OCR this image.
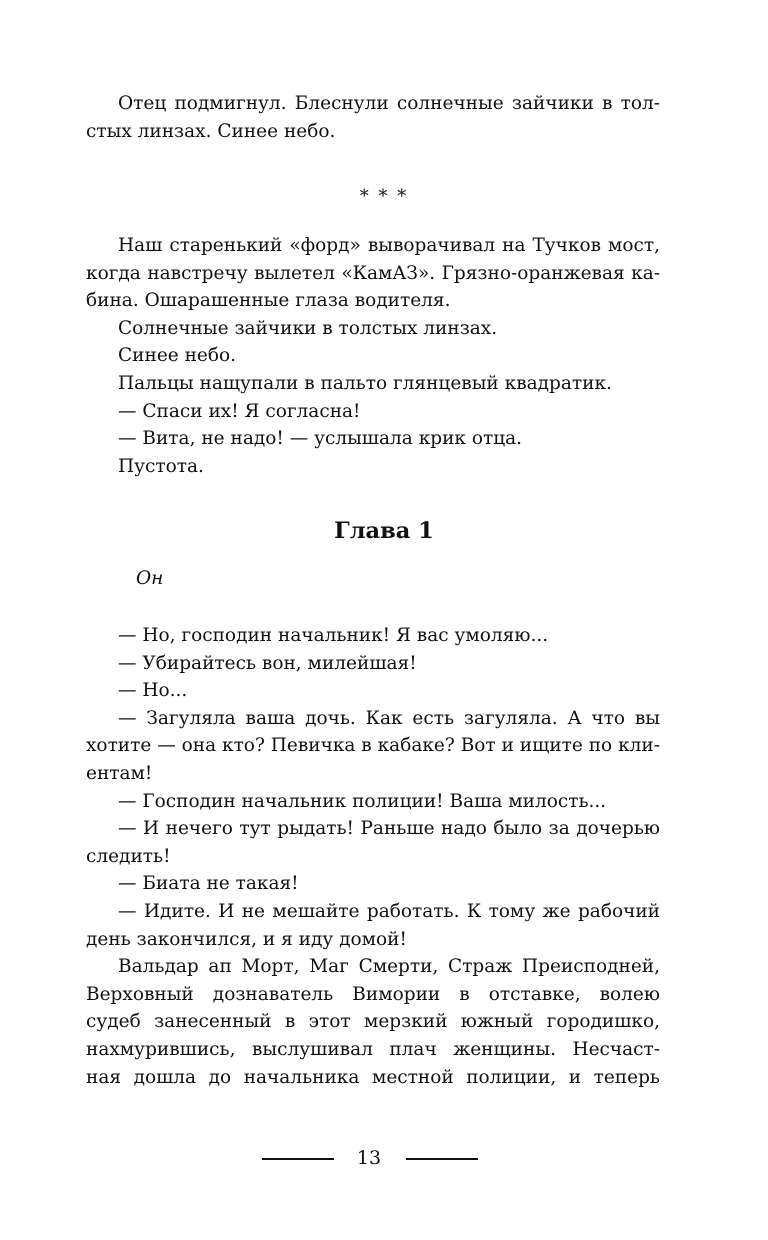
Отец подмигнул. Блеснули солнечные зайчики в тол-
стых линзах. Синее небо.
* * *
Наш старенький «форд» выворачивал на Тучков мост,
когда навстречу вылетел «КамАЗ». Грязно-оранжевая ка-
бина. Ошарашенные глаза водителя.
Солнечные зайчики в толстых линзах.
Синее небо.
Пальцы нащупали в пальто глянцевый квадратик.
— Спаси их! Я согласна!
— Вита, не надо! — услышала крик отца.
Пустота.
Глава 1
Он
— Но, господин начальник! Я вас умоляю...
— Убирайтесь вон, милейшая!
— Но...
— Загуляла ваша дочь. Как есть загуляла. А что вы
хотите — она кто? Певичка в кабаке? Вот и ищите по кли-
ентам!
— Господин начальник полиции! Ваша милость...
— И нечего тут рыдать! Раньше надо было за дочерью
следить!
— Биата не такая!
— Идите. И не мешайте работать. К тому же рабочий
день закончился, и я иду домой!
Вальдар ап Морт, Маг Смерти, Страж Преисподней,
Верховный дознаватель Вимории в отставке, волею
судеб занесенный в этот мерзкий южный городишко,
нахмурившись, выслушивал плач женщины. Несчаст-
ная дошла до начальника местной полиции, и теперь
13
